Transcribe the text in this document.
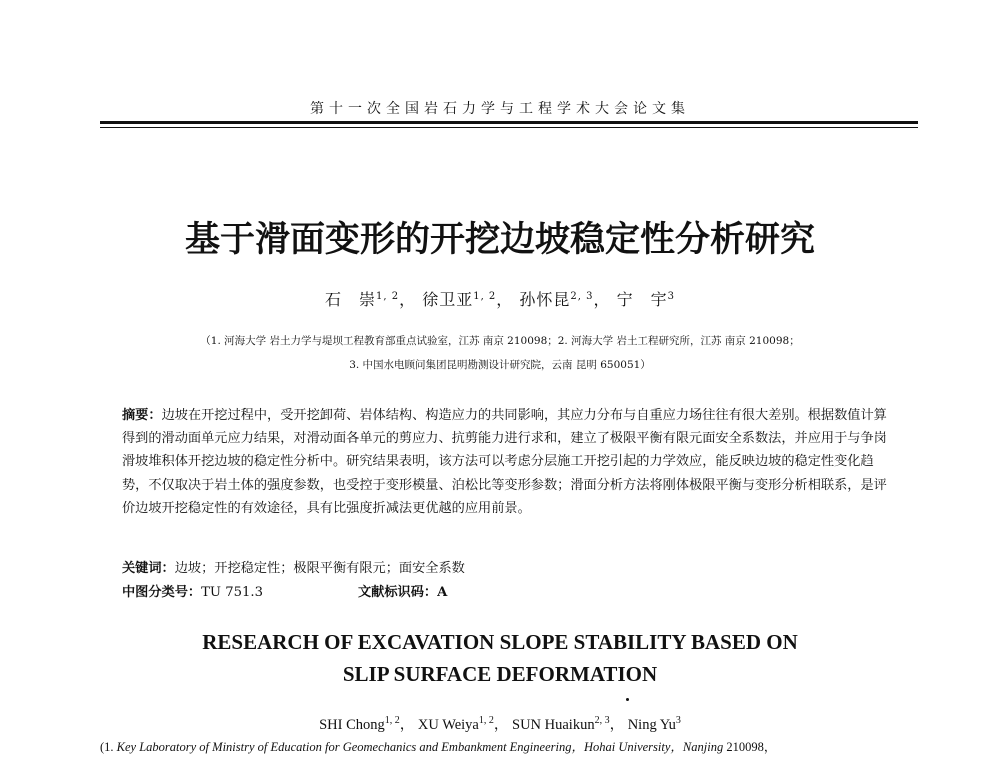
第十一次全国岩石力学与工程学术大会论文集
基于滑面变形的开挖边坡稳定性分析研究
石　崇$^{1, 2}$， 徐卫亚$^{1, 2}$， 孙怀昆$^{2, 3}$， 宁　宇$^3$
（1. 河海大学 岩土力学与堤坝工程教育部重点试验室，江苏 南京 210098；2. 河海大学 岩土工程研究所，江苏 南京 210098；
3. 中国水电顾问集团昆明勘测设计研究院，云南 昆明 650051）
摘要：边坡在开挖过程中，受开挖卸荷、岩体结构、构造应力的共同影响，其应力分布与自重应力场往往有很大差别。根据数值计算得到的滑动面单元应力结果，对滑动面各单元的剪应力、抗剪能力进行求和，建立了极限平衡有限元面安全系数法，并应用于与争岗滑坡堆积体开挖边坡的稳定性分析中。研究结果表明，该方法可以考虑分层施工开挖引起的力学效应，能反映边坡的稳定性变化趋势，不仅取决于岩土体的强度参数，也受控于变形模量、泊松比等变形参数；滑面分析方法将刚体极限平衡与变形分析相联系，是评价边坡开挖稳定性的有效途径，具有比强度折减法更优越的应用前景。
关键词：边坡；开挖稳定性；极限平衡有限元；面安全系数
中图分类号：TU 751.3	文献标识码：A
RESEARCH OF EXCAVATION SLOPE STABILITY BASED ON
SLIP SURFACE DEFORMATION
SHI Chong$^{1, 2}$， XU Weiya$^{1, 2}$， SUN Huaikun$^{2, 3}$， Ning Yu$^3$
(1. Key Laboratory of Ministry of Education for Geomechanics and Embankment Engineering，Hohai University，Nanjing 210098，
